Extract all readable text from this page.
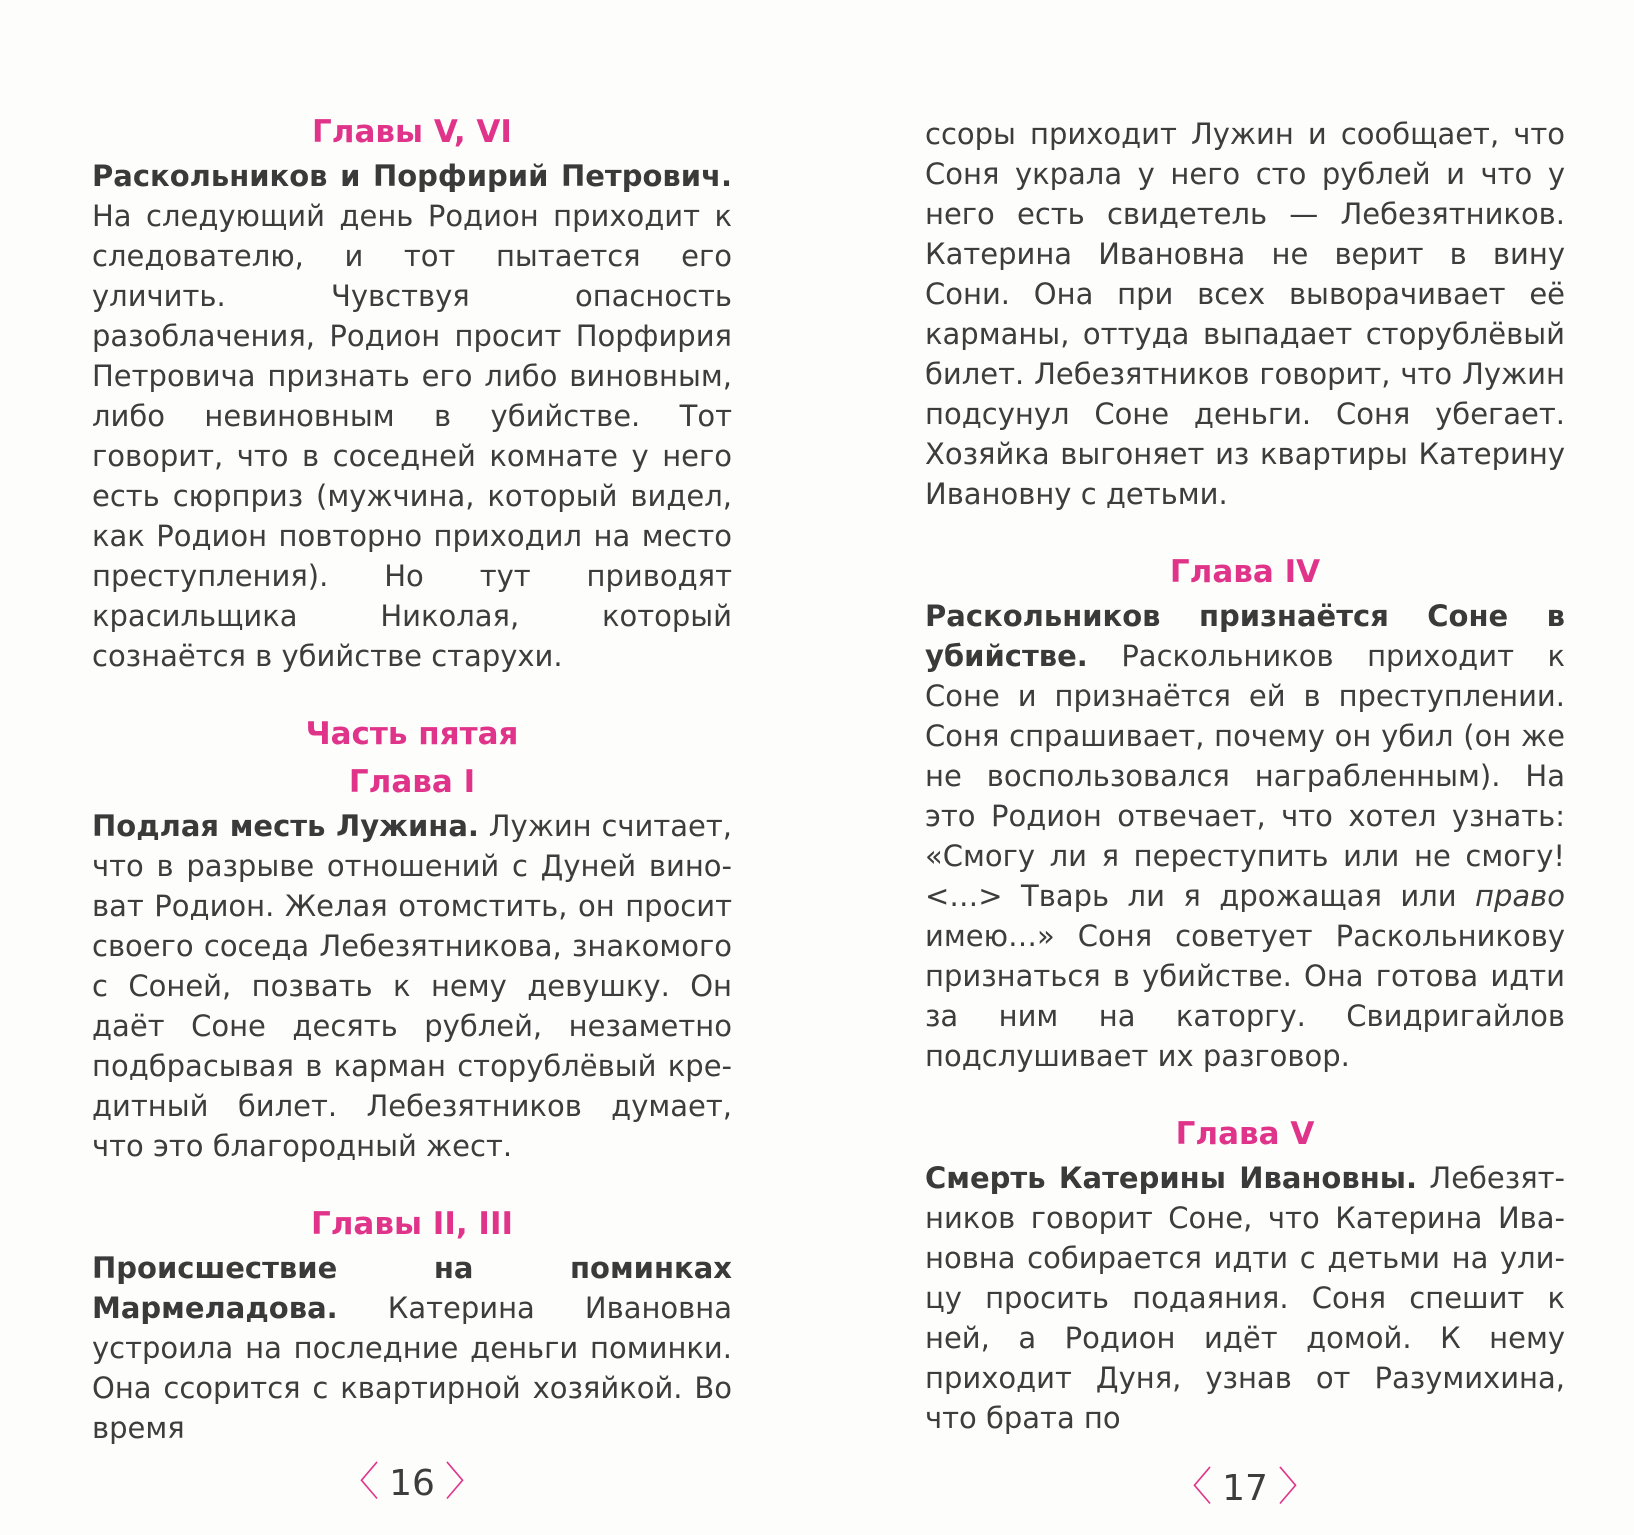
Главы V, VI

Раскольников и Порфирий Петрович. На следующий день Родион приходит к следователю, и тот пытается его уличить. Чувствуя опасность разоблачения, Родион просит Порфирия Петровича признать его либо виновным, либо невиновным в убийстве. Тот говорит, что в соседней комнате у него есть сюрприз (мужчина, который видел, как Родион повторно приходил на место преступления). Но тут приводят красильщика Николая, который сознаётся в убийстве старухи.

Часть пятая
Глава I

Подлая месть Лужина. Лужин считает, что в разрыве отношений с Дуней виноват Родион. Желая отомстить, он просит своего соседа Лебезятникова, знакомого с Соней, позвать к нему девушку. Он даёт Соне десять рублей, незаметно подбрасывая в карман сторублёвый кредитный билет. Лебезятников думает, что это благородный жест.

Главы II, III

Происшествие на поминках Мармеладова. Катерина Ивановна устроила на последние деньги поминки. Она ссорится с квартирной хозяйкой. Во время

〈 16 〉

ссоры приходит Лужин и сообщает, что Соня украла у него сто рублей и что у него есть свидетель — Лебезятников. Катерина Ивановна не верит в вину Сони. Она при всех выворачивает её карманы, оттуда выпадает сторублёвый билет. Лебезятников говорит, что Лужин подсунул Соне деньги. Соня убегает. Хозяйка выгоняет из квартиры Катерину Ивановну с детьми.

Глава IV

Раскольников признаётся Соне в убийстве. Раскольников приходит к Соне и признаётся ей в преступлении. Соня спрашивает, почему он убил (он же не воспользовался награбленным). На это Родион отвечает, что хотел узнать: «Смогу ли я переступить или не смогу! <…> Тварь ли я дрожащая или право имею…» Соня советует Раскольникову признаться в убийстве. Она готова идти за ним на каторгу. Свидригайлов подслушивает их разговор.

Глава V

Смерть Катерины Ивановны. Лебезятников говорит Соне, что Катерина Ивановна собирается идти с детьми на улицу просить подаяния. Соня спешит к ней, а Родион идёт домой. К нему приходит Дуня, узнав от Разумихина, что брата по

〈 17 〉
